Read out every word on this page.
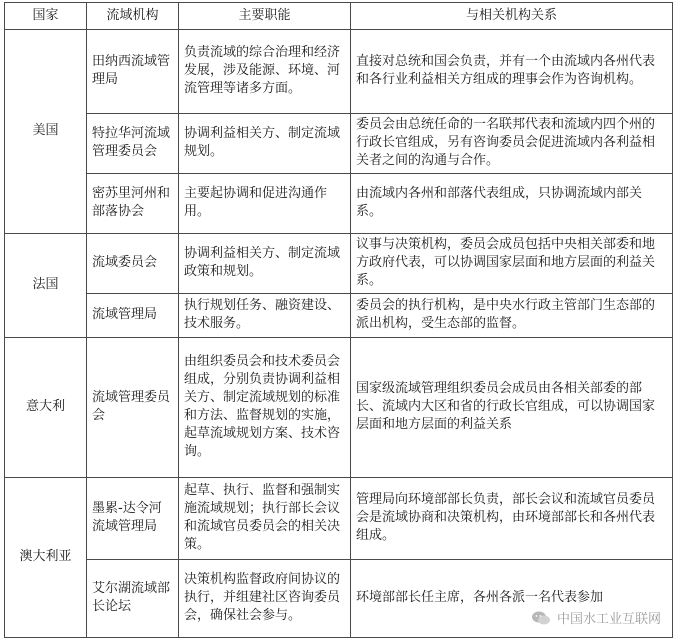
国家	流域机构	主要职能	与相关机构关系
美国	田纳西流域管理局	负责流域的综合治理和经济发展，涉及能源、环境、河流管理等诸多方面。	直接对总统和国会负责，并有一个由流域内各州代表和各行业利益相关方组成的理事会作为咨询机构。
	特拉华河流域管理委员会	协调利益相关方、制定流域规划。	委员会由总统任命的一名联邦代表和流域内四个州的行政长官组成，另有咨询委员会促进流域内各利益相关者之间的沟通与合作。
	密苏里河州和部落协会	主要起协调和促进沟通作用。	由流域内各州和部落代表组成，只协调流域内部关系。
法国	流域委员会	协调利益相关方、制定流域政策和规划。	议事与决策机构，委员会成员包括中央相关部委和地方政府代表，可以协调国家层面和地方层面的利益关系。
	流域管理局	执行规划任务、融资建设、技术服务。	委员会的执行机构，是中央水行政主管部门生态部的派出机构，受生态部的监督。
意大利	流域管理委员会	由组织委员会和技术委员会组成，分别负责协调利益相关方、制定流域规划的标准和方法、监督规划的实施，起草流域规划方案、技术咨询。	国家级流域管理组织委员会成员由各相关部委的部长、流域内大区和省的行政长官组成，可以协调国家层面和地方层面的利益关系
澳大利亚	墨累-达令河流域管理局	起草、执行、监督和强制实施流域规划；执行部长会议和流域官员委员会的相关决策。	管理局向环境部部长负责，部长会议和流域官员委员会是流域协商和决策机构，由环境部部长和各州代表组成。
	艾尔湖流域部长论坛	决策机构监督政府间协议的执行，并组建社区咨询委员会，确保社会参与。	环境部部长任主席，各州各派一名代表参加
中国水工业互联网
